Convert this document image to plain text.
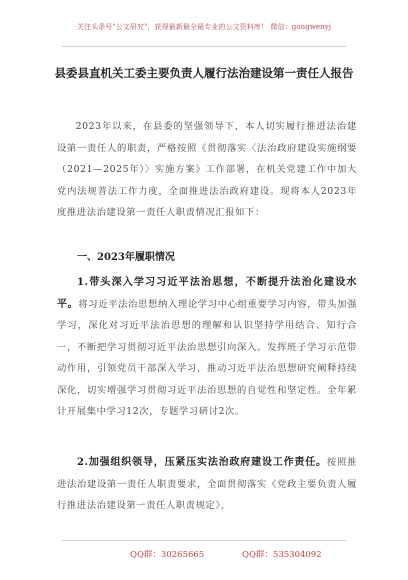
关注头条号"公文研究"，获得最新最全最专业的公文资料库！ 微信：gongwenyj
县委县直机关工委主要负责人履行法治建设第一责任人报告
2023年以来，在县委的坚强领导下，本人切实履行推进法治建设第一责任人的职责，严格按照《贯彻落实〈法治政府建设实施纲要（2021—2025年）〉实施方案》工作部署，在机关党建工作中加大党内法规普法工作力度，全面推进法治政府建设。现将本人2023年度推进法治建设第一责任人职责情况汇报如下：
一、2023年履职情况
1.带头深入学习习近平法治思想，不断提升法治化建设水平。将习近平法治思想纳入理论学习中心组重要学习内容，带头加强学习，深化对习近平法治思想的理解和认识坚持学用结合、知行合一，不断把学习贯彻习近平法治思想引向深入。发挥班子学习示范带动作用，引领党员干部深入学习，推动习近平法治思想研究阐释持续深化，切实增强学习贯彻习近平法治思想的自觉性和坚定性。全年累计开展集中学习12次，专题学习研讨2次。
2.加强组织领导，压紧压实法治政府建设工作责任。按照推进法治建设第一责任人职责要求，全面贯彻落实《党政主要负责人履行推进法治建设第一责任人职责规定》，
QQ群：30265665	QQ群：535304092
